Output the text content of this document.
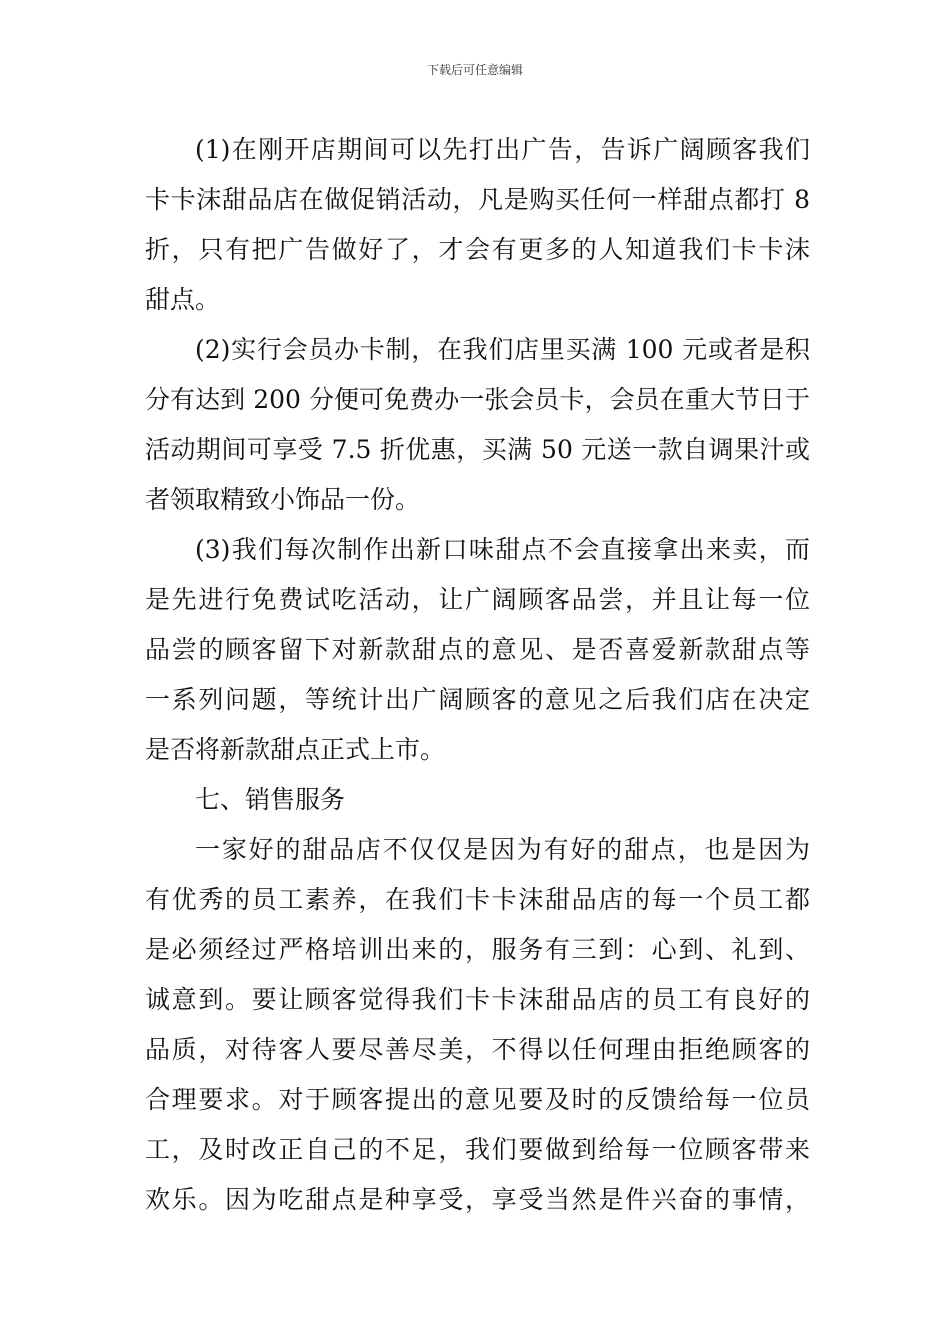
下载后可任意编辑
(1)在刚开店期间可以先打出广告，告诉广阔顾客我们
卡卡沫甜品店在做促销活动，凡是购买任何一样甜点都打 8
折，只有把广告做好了，才会有更多的人知道我们卡卡沫
甜点。
(2)实行会员办卡制，在我们店里买满 100 元或者是积
分有达到 200 分便可免费办一张会员卡，会员在重大节日于
活动期间可享受 7.5 折优惠，买满 50 元送一款自调果汁或
者领取精致小饰品一份。
(3)我们每次制作出新口味甜点不会直接拿出来卖，而
是先进行免费试吃活动，让广阔顾客品尝，并且让每一位
品尝的顾客留下对新款甜点的意见、是否喜爱新款甜点等
一系列问题，等统计出广阔顾客的意见之后我们店在决定
是否将新款甜点正式上市。
七、销售服务
一家好的甜品店不仅仅是因为有好的甜点，也是因为
有优秀的员工素养，在我们卡卡沫甜品店的每一个员工都
是必须经过严格培训出来的，服务有三到：心到、礼到、
诚意到。要让顾客觉得我们卡卡沫甜品店的员工有良好的
品质，对待客人要尽善尽美，不得以任何理由拒绝顾客的
合理要求。对于顾客提出的意见要及时的反馈给每一位员
工，及时改正自己的不足，我们要做到给每一位顾客带来
欢乐。因为吃甜点是种享受，享受当然是件兴奋的事情，
